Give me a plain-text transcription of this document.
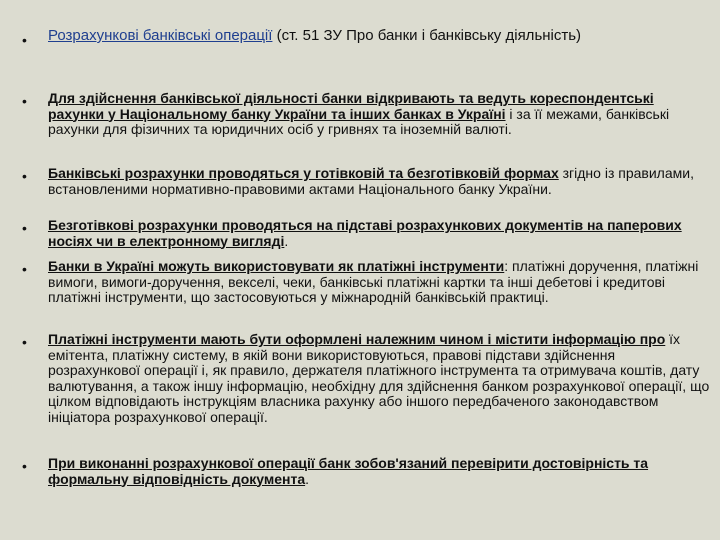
• Розрахункові банківські операції (ст. 51 ЗУ Про банки і банківську діяльність)
• Для здійснення банківської діяльності банки відкривають та ведуть кореспондентські рахунки у Національному банку України та інших банках в Україні і за її межами, банківські рахунки для фізичних та юридичних осіб у гривнях та іноземній валюті.
• Банківські розрахунки проводяться у готівковій та безготівковій формах згідно із правилами, встановленими нормативно-правовими актами Національного банку України.
• Безготівкові розрахунки проводяться на підставі розрахункових документів на паперових носіях чи в електронному вигляді.
• Банки в Україні можуть використовувати як платіжні інструменти: платіжні доручення, платіжні вимоги, вимоги-доручення, векселі, чеки, банківські платіжні картки та інші дебетові і кредитові платіжні інструменти, що застосовуються у міжнародній банківській практиці.
• Платіжні інструменти мають бути оформлені належним чином і містити інформацію про їх емітента, платіжну систему, в якій вони використовуються, правові підстави здійснення розрахункової операції і, як правило, держателя платіжного інструмента та отримувача коштів, дату валютування, а також іншу інформацію, необхідну для здійснення банком розрахункової операції, що цілком відповідають інструкціям власника рахунку або іншого передбаченого законодавством ініціатора розрахункової операції.
• При виконанні розрахункової операції банк зобов'язаний перевірити достовірність та формальну відповідність документа.
